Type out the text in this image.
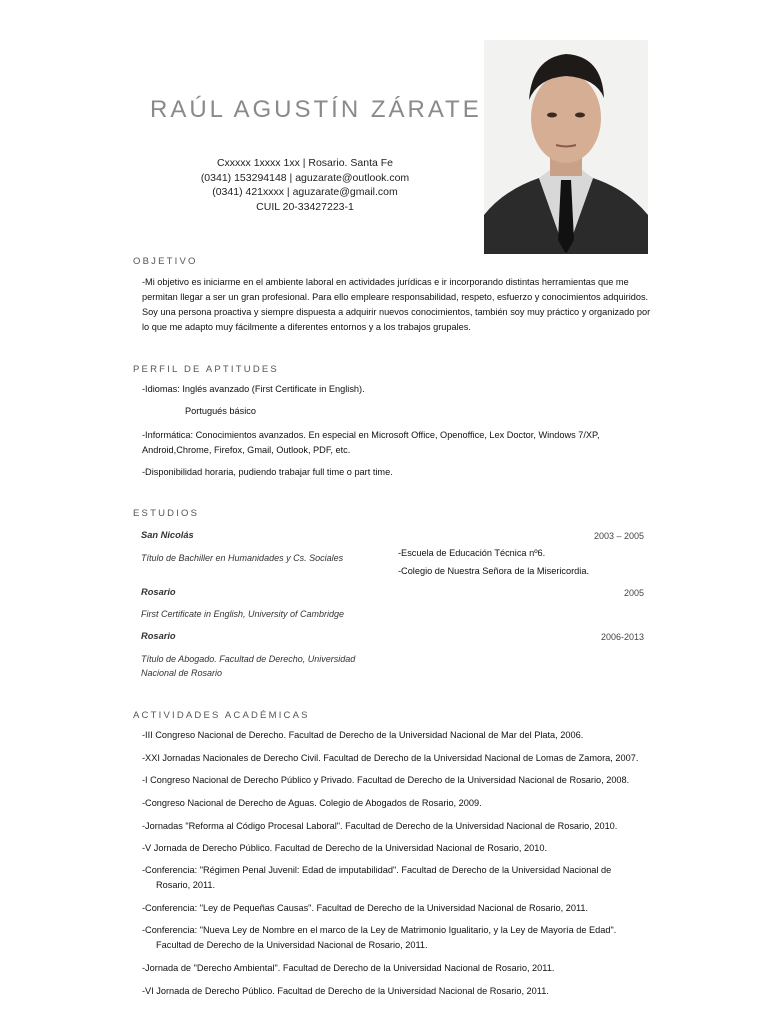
RAÚL AGUSTÍN ZÁRATE
Cxxxxx 1xxxx 1xx | Rosario. Santa Fe
(0341) 153294148 | aguzarate@outlook.com
(0341) 421xxxx | aguzarate@gmail.com
CUIL 20-33427223-1
OBJETIVO
-Mi objetivo es iniciarme en el ambiente laboral en actividades jurídicas e ir incorporando distintas herramientas que me permitan llegar a ser un gran profesional. Para ello empleare responsabilidad, respeto, esfuerzo y conocimientos adquiridos. Soy una persona proactiva y siempre dispuesta a adquirir nuevos conocimientos, también soy muy práctico y organizado por lo que me adapto muy fácilmente a diferentes entornos y a los trabajos grupales.
PERFIL DE APTITUDES
-Idiomas: Inglés avanzado (First Certificate in English).
Portugués básico
-Informática: Conocimientos avanzados. En especial en Microsoft Office, Openoffice, Lex Doctor, Windows 7/XP, Android,Chrome, Firefox, Gmail, Outlook, PDF, etc.
-Disponibilidad horaria, pudiendo trabajar full time o part time.
ESTUDIOS
San Nicolás	2003 – 2005
Título de Bachiller en Humanidades y Cs. Sociales	-Escuela de Educación Técnica nº6.
-Colegio de Nuestra Señora de la Misericordia.
Rosario	2005
First Certificate in English, University of Cambridge
Rosario	2006-2013
Título de Abogado. Facultad de Derecho, Universidad
Nacional de Rosario
ACTIVIDADES ACADÉMICAS
-III Congreso Nacional de Derecho. Facultad de Derecho de la Universidad Nacional de Mar del Plata, 2006.
-XXI Jornadas Nacionales de Derecho Civil. Facultad de Derecho de la Universidad Nacional de Lomas de Zamora, 2007.
-I Congreso Nacional de Derecho Público y Privado. Facultad de Derecho de la Universidad Nacional de Rosario, 2008.
-Congreso Nacional de Derecho de Aguas. Colegio de Abogados de Rosario, 2009.
-Jornadas "Reforma al Código Procesal Laboral". Facultad de Derecho de la Universidad Nacional de Rosario, 2010.
-V Jornada de Derecho Público. Facultad de Derecho de la Universidad Nacional de Rosario, 2010.
-Conferencia: "Régimen Penal Juvenil: Edad de imputabilidad". Facultad de Derecho de la Universidad Nacional de
Rosario, 2011.
-Conferencia: "Ley de Pequeñas Causas". Facultad de Derecho de la Universidad Nacional de Rosario, 2011.
-Conferencia: "Nueva Ley de Nombre en el marco de la Ley de Matrimonio Igualitario, y la Ley de Mayoría de Edad".
Facultad de Derecho de la Universidad Nacional de Rosario, 2011.
-Jornada de "Derecho Ambiental". Facultad de Derecho de la Universidad Nacional de Rosario, 2011.
-VI Jornada de Derecho Público. Facultad de Derecho de la Universidad Nacional de Rosario, 2011.
